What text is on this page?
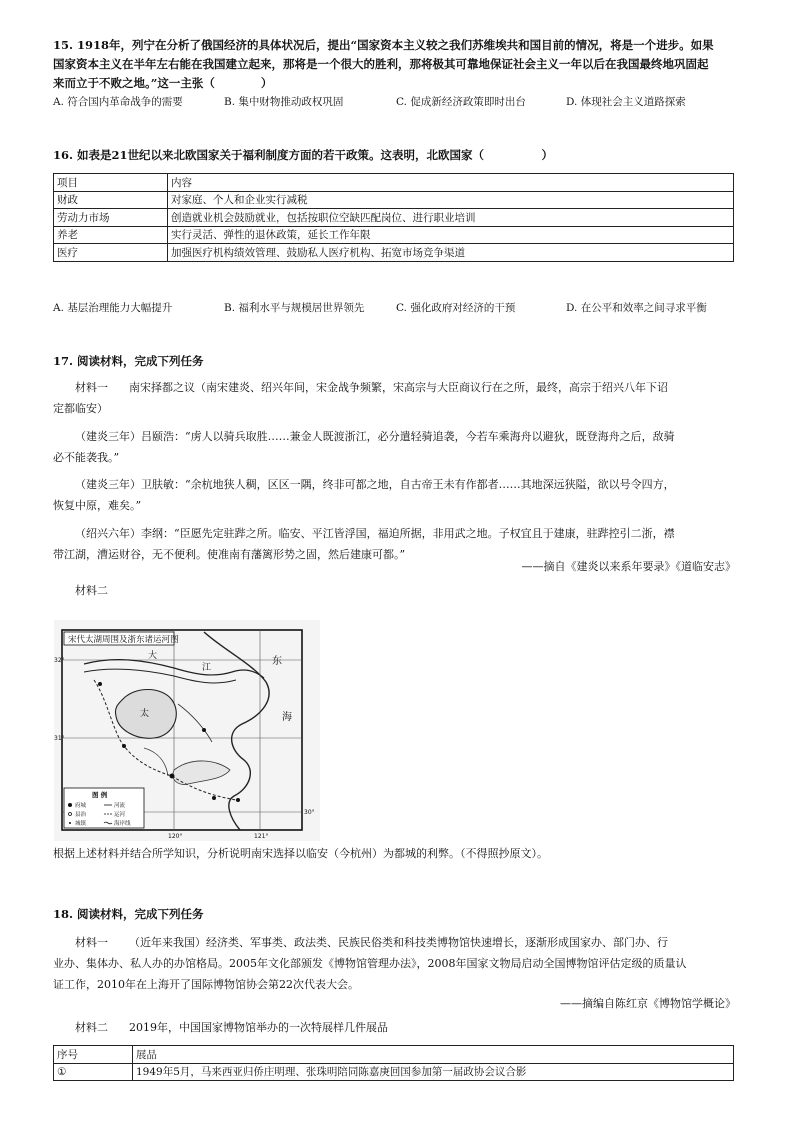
15. 1918年，列宁在分析了俄国经济的具体状况后，提出“国家资本主义较之我们苏维埃共和国目前的情况，将是一个进步。如果
国家资本主义在半年左右能在我国建立起来，那将是一个很大的胜利，那将极其可靠地保证社会主义一年以后在我国最终地巩固起
来而立于不败之地。”这一主张（　　　　）
A. 符合国内革命战争的需要	B. 集中财物推动政权巩固	C. 促成新经济政策即时出台	D. 体现社会主义道路探索
16. 如表是21世纪以来北欧国家关于福利制度方面的若干政策。这表明，北欧国家（　　　　　）
项目	内容
财政	对家庭、个人和企业实行减税
劳动力市场	创造就业机会鼓励就业，包括按职位空缺匹配岗位、进行职业培训
养老	实行灵活、弹性的退休政策，延长工作年限
医疗	加强医疗机构绩效管理、鼓励私人医疗机构、拓宽市场竞争渠道
A. 基层治理能力大幅提升	B. 福利水平与规模居世界领先	C. 强化政府对经济的干预	D. 在公平和效率之间寻求平衡
17. 阅读材料，完成下列任务
材料一 南宋择都之议（南宋建炎、绍兴年间，宋金战争频繁，宋高宗与大臣商议行在之所，最终，高宗于绍兴八年下诏
定都临安）
（建炎三年）吕颐浩：“虏人以骑兵取胜……兼金人既渡浙江，必分遣轻骑追袭，今若车乘海舟以避狄，既登海舟之后，敌骑
必不能袭我。”
（建炎三年）卫肤敏：“余杭地狭人稠，区区一隅，终非可都之地，自古帝王未有作都者……其地深远狭隘，欲以号令四方，
恢复中原，难矣。”
（绍兴六年）李纲：“臣愿先定驻跸之所。临安、平江皆浮国，福迫所据，非用武之地。子权宜且于建康，驻跸控引二浙，襟
带江湖，漕运财谷，无不便利。使准南有藩篱形势之固，然后建康可都。”
——摘自《建炎以来系年要录》《道临安志》
材料二
宋代太湖周围及浙东诸运河图
东
海
大
江
太
32°
31°
30°
120°	121°
图 例
府城	河流
县治	运河
城镇	海岸线
根据上述材料并结合所学知识，分析说明南宋选择以临安（今杭州）为都城的利弊。（不得照抄原文）。
18. 阅读材料，完成下列任务
材料一 （近年来我国）经济类、军事类、政法类、民族民俗类和科技类博物馆快速增长，逐渐形成国家办、部门办、行
业办、集体办、私人办的办馆格局。2005年文化部颁发《博物馆管理办法》，2008年国家文物局启动全国博物馆评估定级的质量认
证工作，2010年在上海开了国际博物馆协会第22次代表大会。
——摘编自陈红京《博物馆学概论》
材料二 2019年，中国国家博物馆举办的一次特展样几件展品
序号	展品
①	1949年5月，马来西亚归侨庄明理、张珠明陪同陈嘉庚回国参加第一届政协会议合影
